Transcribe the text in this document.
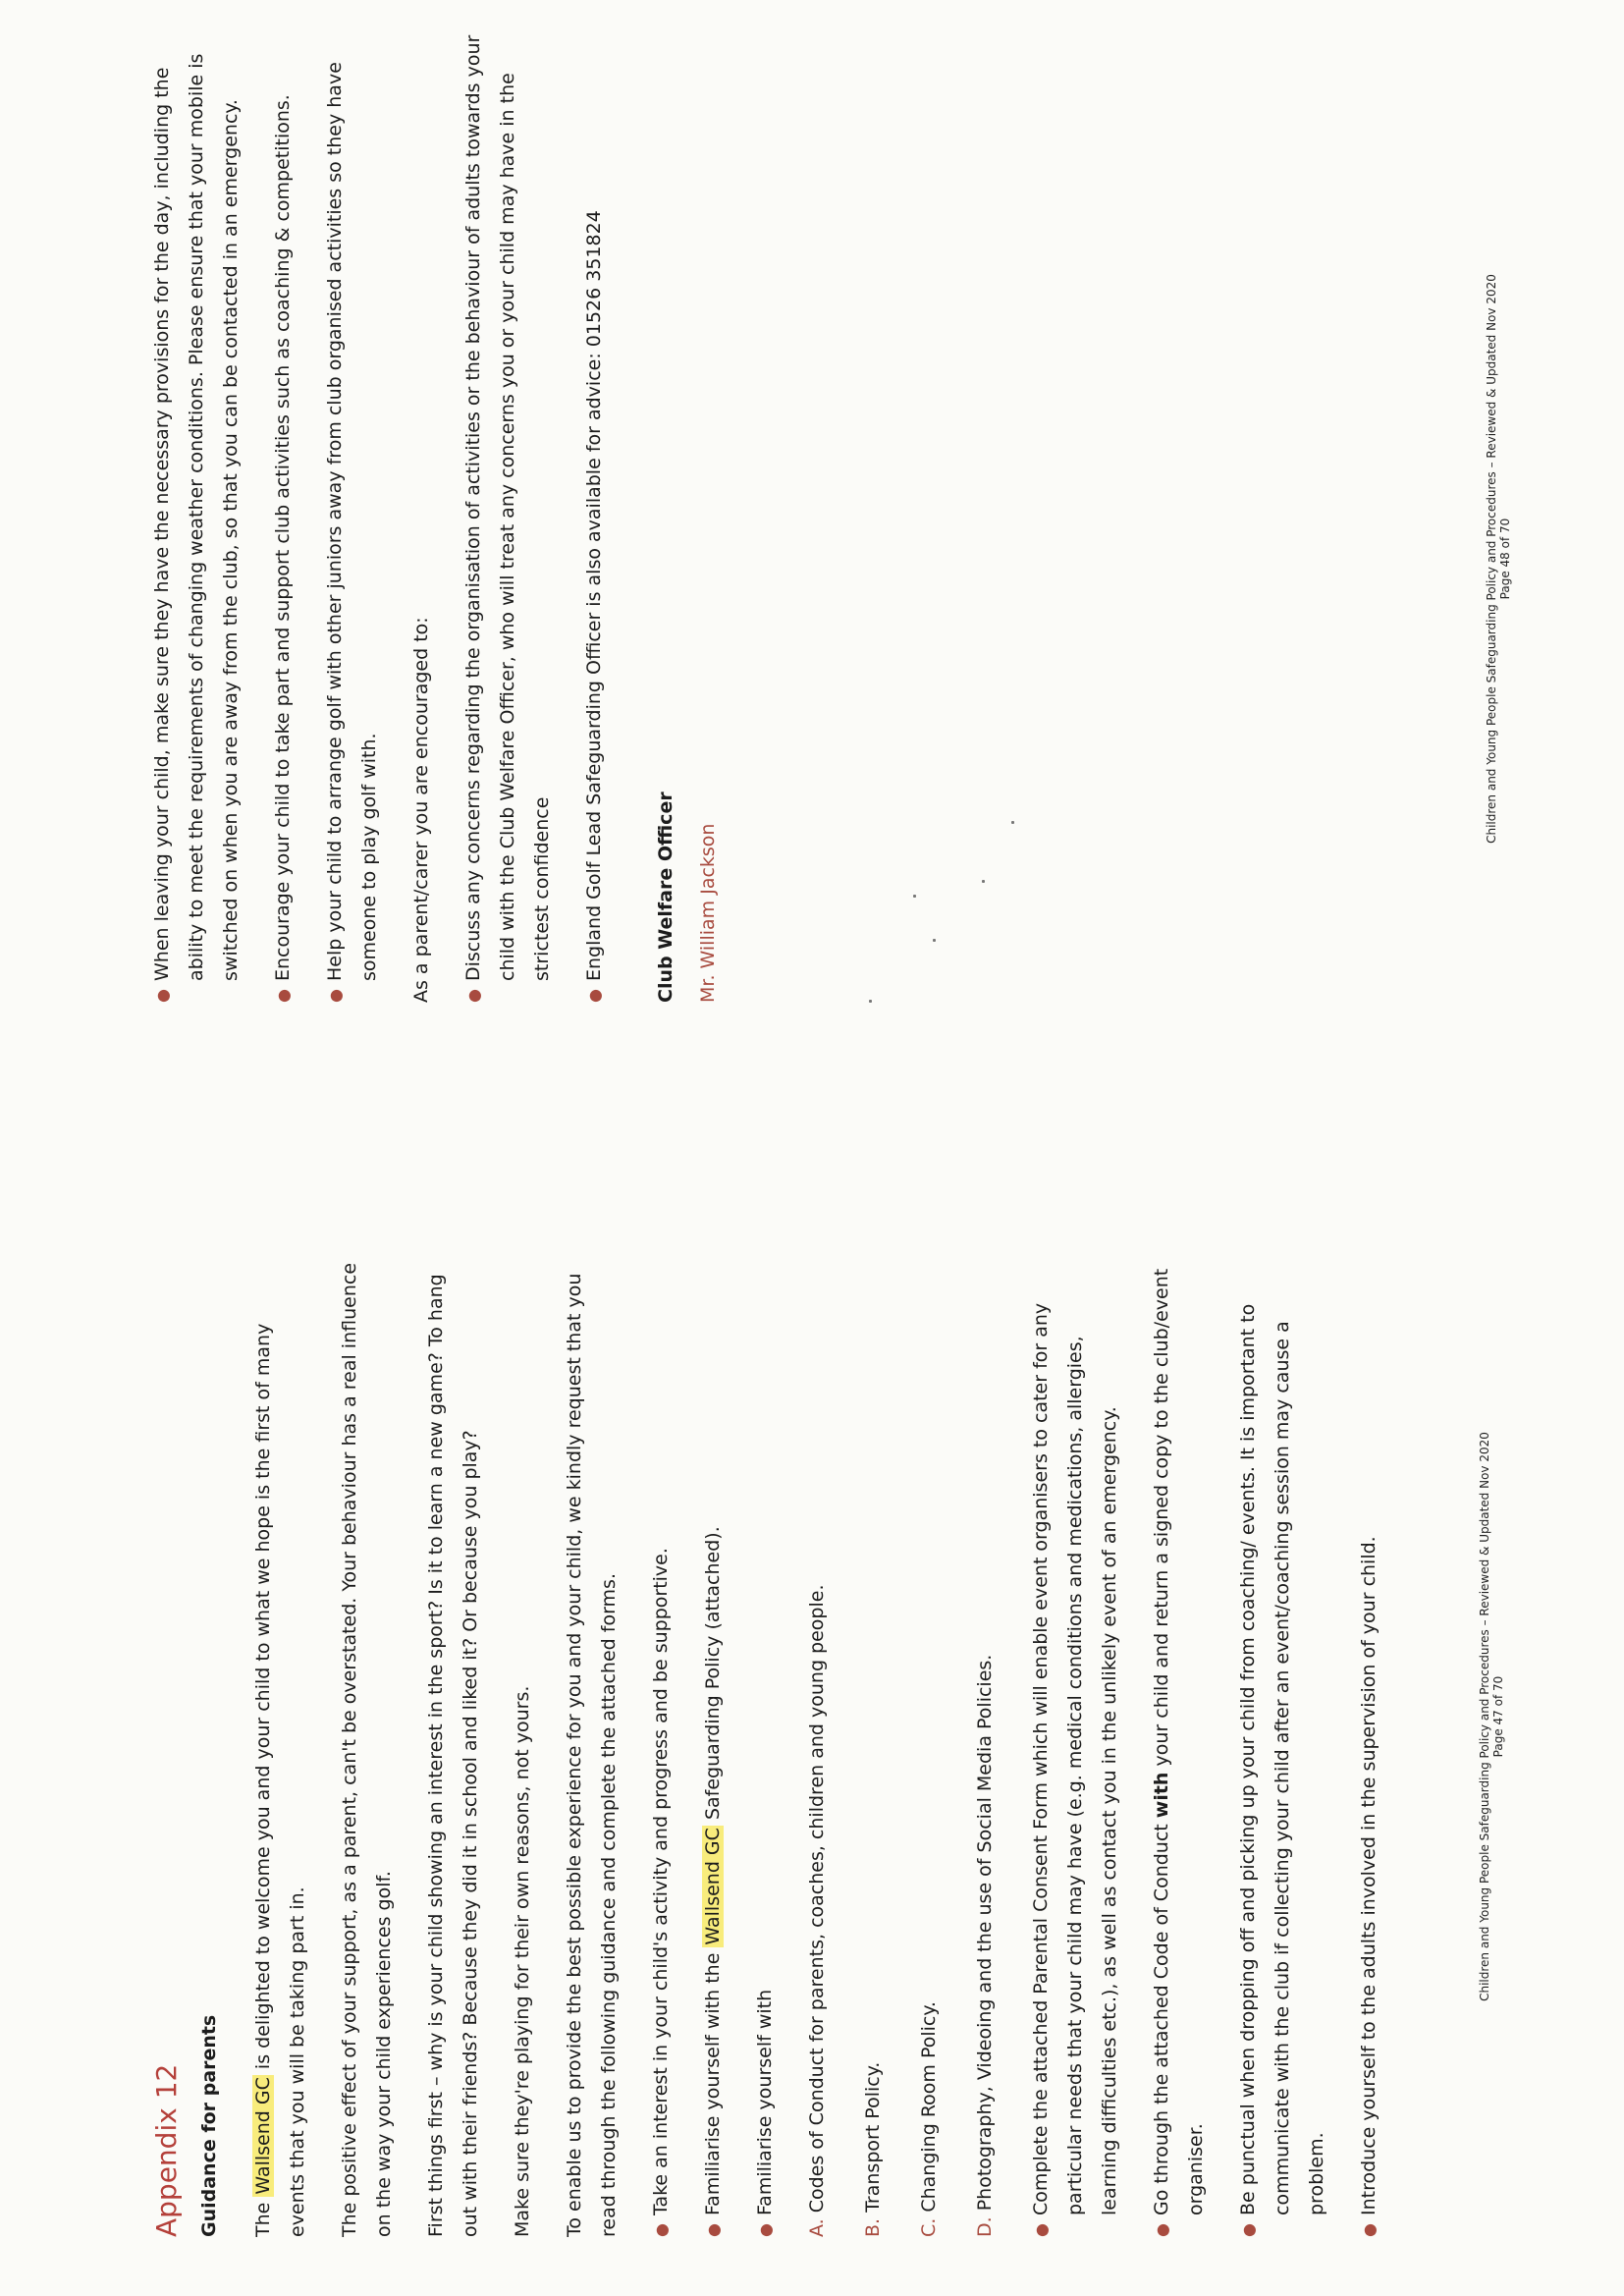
Appendix 12 Guidance for parents	The Wallsend GC is delighted to welcome you and your child to what we hope is the first of many events that you will be taking part in.	The positive effect of your support, as a parent, can't be overstated. Your behaviour has a real influence on the way your child experiences golf.	First things first – why is your child showing an interest in the sport? Is it to learn a new game? To hang out with their friends? Because they did it in school and liked it? Or because you play?	Make sure they're playing for their own reasons, not yours.	To enable us to provide the best possible experience for you and your child, we kindly request that you read through the following guidance and complete the attached forms.	●
Take an interest in your child's activity and progress and be supportive.
●
Familiarise yourself with the Wallsend GC Safeguarding Policy (attached).
●
Familiarise yourself with
A. Codes of Conduct for parents, coaches, children and young people.
B. Transport Policy.
C. Changing Room Policy.
D. Photography, Videoing and the use of Social Media Policies.
●
Complete the attached Parental Consent Form which will enable event organisers to cater for any particular needs that your child may have (e.g. medical conditions and medications, allergies, learning difficulties etc.), as well as contact you in the unlikely event of an emergency.
●
Go through the attached Code of Conduct with your child and return a signed copy to the club/event organiser.
●
Be punctual when dropping off and picking up your child from coaching/ events. It is important to communicate with the club if collecting your child after an event/coaching session may cause a problem.
●
Introduce yourself to the adults involved in the supervision of your child.	Children and Young People Safeguarding Policy and Procedures – Reviewed & Updated Nov 2020 Page 47 of 70
●
When leaving your child, make sure they have the necessary provisions for the day, including the ability to meet the requirements of changing weather conditions. Please ensure that your mobile is switched on when you are away from the club, so that you can be contacted in an emergency.
●
Encourage your child to take part and support club activities such as coaching & competitions.
●
Help your child to arrange golf with other juniors away from club organised activities so they have someone to play golf with.	As a parent/carer you are encouraged to:	●
Discuss any concerns regarding the organisation of activities or the behaviour of adults towards your child with the Club Welfare Officer, who will treat any concerns you or your child may have in the strictest confidence
●
England Golf Lead Safeguarding Officer is also available for advice: 01526 351824	Club Welfare Officer	Mr. William Jackson
Children and Young People Safeguarding Policy and Procedures – Reviewed & Updated Nov 2020 Page 48 of 70
